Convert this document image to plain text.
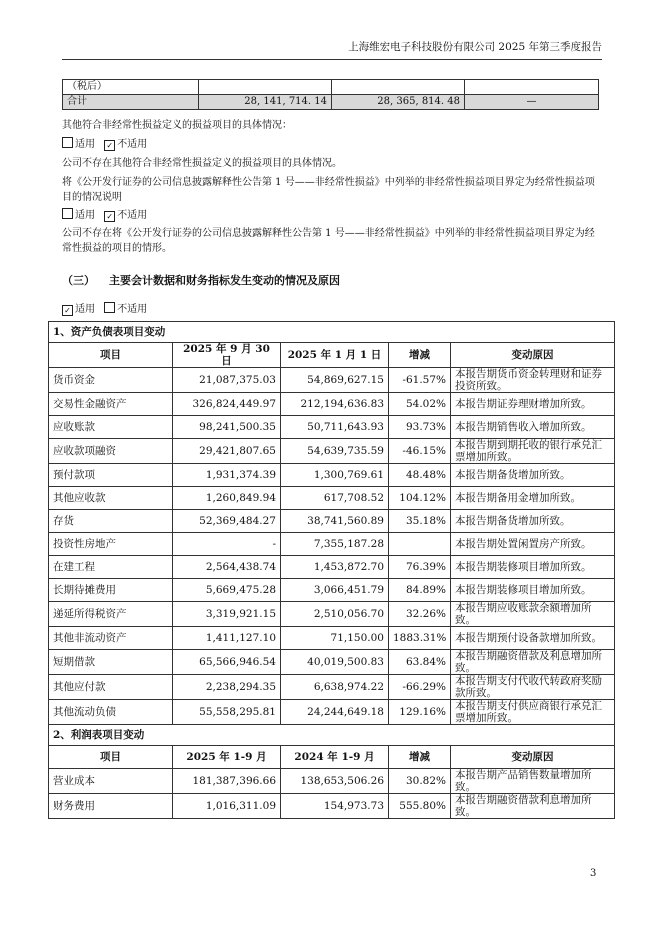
上海维宏电子科技股份有限公司 2025 年第三季度报告
（税后）			
合计	28, 141, 714. 14	28, 365, 814. 48	—

其他符合非经常性损益定义的损益项目的具体情况：

适用 ✓ 不适用

公司不存在其他符合非经常性损益定义的损益项目的具体情况。

将《公开发行证券的公司信息披露解释性公告第 1 号——非经常性损益》中列举的非经常性损益项目界定为经常性损益项目的情况说明

适用 ✓ 不适用

公司不存在将《公开发行证券的公司信息披露解释性公告第 1 号——非经常性损益》中列举的非经常性损益项目界定为经常性损益的项目的情形。

（三） 主要会计数据和财务指标发生变动的情况及原因

✓ 适用 不适用

1、资产负债表项目变动				
项目	2025 年 9 月 30 日	2025 年 1 月 1 日	增减	变动原因
货币资金	21,087,375.03	54,869,627.15	-61.57%	本报告期货币资金转理财和证券投资所致。
交易性金融资产	326,824,449.97	212,194,636.83	54.02%	本报告期证券理财增加所致。
应收账款	98,241,500.35	50,711,643.93	93.73%	本报告期销售收入增加所致。
应收款项融资	29,421,807.65	54,639,735.59	-46.15%	本报告期到期托收的银行承兑汇票增加所致。
预付款项	1,931,374.39	1,300,769.61	48.48%	本报告期备货增加所致。
其他应收款	1,260,849.94	617,708.52	104.12%	本报告期备用金增加所致。
存货	52,369,484.27	38,741,560.89	35.18%	本报告期备货增加所致。
投资性房地产	-	7,355,187.28		本报告期处置闲置房产所致。
在建工程	2,564,438.74	1,453,872.70	76.39%	本报告期装修项目增加所致。
长期待摊费用	5,669,475.28	3,066,451.79	84.89%	本报告期装修项目增加所致。
递延所得税资产	3,319,921.15	2,510,056.70	32.26%	本报告期应收账款余额增加所致。
其他非流动资产	1,411,127.10	71,150.00	1883.31%	本报告期预付设备款增加所致。
短期借款	65,566,946.54	40,019,500.83	63.84%	本报告期融资借款及利息增加所致。
其他应付款	2,238,294.35	6,638,974.22	-66.29%	本报告期支付代收代转政府奖励款所致。
其他流动负债	55,558,295.81	24,244,649.18	129.16%	本报告期支付供应商银行承兑汇票增加所致。
2、利润表项目变动				
项目	2025 年 1-9 月	2024 年 1-9 月	增减	变动原因
营业成本	181,387,396.66	138,653,506.26	30.82%	本报告期产品销售数量增加所致。
财务费用	1,016,311.09	154,973.73	555.80%	本报告期融资借款利息增加所致。
3
